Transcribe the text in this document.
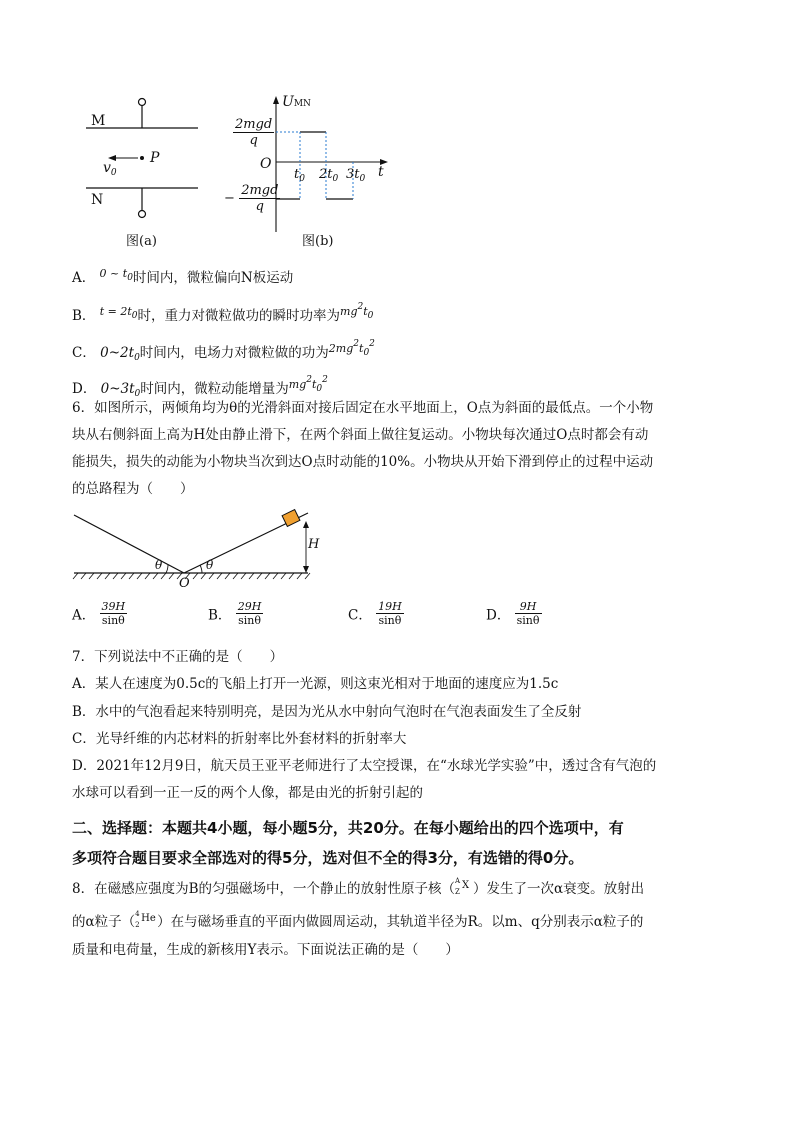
M
N
P
$v_0$
图(a)
UMN
$\frac{\text{2mgd}}{q}$
O
− $\frac{\text{2mgd}}{q}$
$t_0$ $2t_0$ $3t_0$ t
图(b)
A． $^{0 \sim t_0}$时间内，微粒偏向N板运动
B． $^{t = 2t_0}$时，重力对微粒做功的瞬时功率为$^{mg^2t_0}$
C． $0\sim 2t_0$时间内，电场力对微粒做的功为$^{2mg^2t_0^2}$
D． $0\sim 3t_0$时间内，微粒动能增量为$^{mg^2t_0^2}$
6．如图所示，两倾角均为θ的光滑斜面对接后固定在水平地面上，O点为斜面的最低点。一个小物
块从右侧斜面上高为H处由静止滑下，在两个斜面上做往复运动。小物块每次通过O点时都会有动
能损失，损失的动能为小物块当次到达O点时动能的10%。小物块从开始下滑到停止的过程中运动
的总路程为（　　）
θ	θ
O
H
A． $\frac{39H}{\sin\theta}$	B． $\frac{29H}{\sin\theta}$	C． $\frac{19H}{\sin\theta}$	D． $\frac{9H}{\sin\theta}$
7．下列说法中不正确的是（　　）
A．某人在速度为0.5c的飞船上打开一光源，则这束光相对于地面的速度应为1.5c
B．水中的气泡看起来特别明亮，是因为光从水中射向气泡时在气泡表面发生了全反射
C．光导纤维的内芯材料的折射率比外套材料的折射率大
D．2021年12月9日，航天员王亚平老师进行了太空授课，在“水球光学实验”中，透过含有气泡的
水球可以看到一正一反的两个人像，都是由光的折射引起的
二、选择题：本题共4小题，每小题5分，共20分。在每小题给出的四个选项中，有
多项符合题目要求全部选对的得5分，选对但不全的得3分，有选错的得0分。
8．在磁感应强度为B的匀强磁场中，一个静止的放射性原子核（ A
Z
X ）发生了一次α衰变。放射出
的α粒子（ 4
2
He）在与磁场垂直的平面内做圆周运动，其轨道半径为R。以m、q分别表示α粒子的
质量和电荷量，生成的新核用Y表示。下面说法正确的是（　　）
